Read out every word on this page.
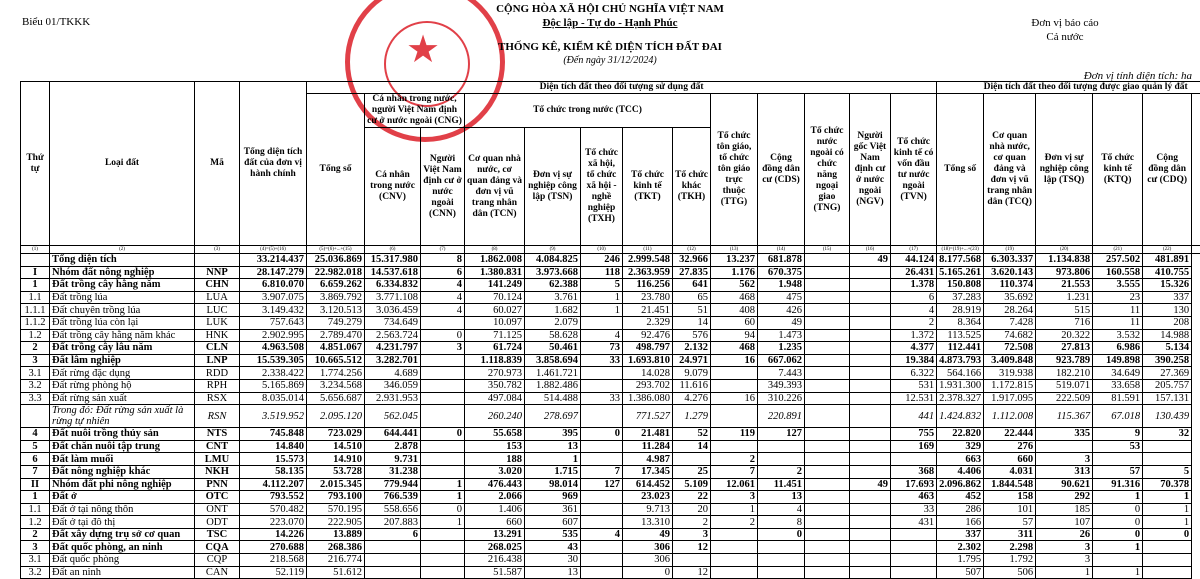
Biểu 01/TKKK
★
CỘNG HÒA XÃ HỘI CHỦ NGHĨA VIỆT NAM
Độc lập - Tự do - Hạnh Phúc
THỐNG KÊ, KIỂM KÊ DIỆN TÍCH ĐẤT ĐAI
(Đến ngày 31/12/2024)
Đơn vị báo cáo
Cả nước
Đơn vị tính diện tích: ha
Thứ tự	Loại đất	Mã	Tổng diện tích đất của đơn vị hành chính	Diện tích đất theo đối tượng sử dụng đất													Diện tích đất theo đối tượng được giao quản lý đất					
				Tổng số	Cá nhân trong nước, người Việt Nam định cư ở nước ngoài (CNG)		Tổ chức trong nước (TCC)					Tổ chức tôn giáo, tổ chức tôn giáo trực thuộc (TTG)	Cộng đồng dân cư (CDS)	Tổ chức nước ngoài có chức năng ngoại giao (TNG)	Người gốc Việt Nam định cư ở nước ngoài (NGV)	Tổ chức kinh tế có vốn đầu tư nước ngoài (TVN)	Tổng số	Cơ quan nhà nước, cơ quan đảng và đơn vị vũ trang nhân dân (TCQ)	Đơn vị sự nghiệp công lập (TSQ)	Tổ chức kinh tế (KTQ)	Cộng đồng dân cư (CDQ)	
					Cá nhân trong nước (CNV)	Người Việt Nam định cư ở nước ngoài (CNN)	Cơ quan nhà nước, cơ quan đảng và đơn vị vũ trang nhân dân (TCN)	Đơn vị sự nghiệp công lập (TSN)	Tổ chức xã hội, tổ chức xã hội - nghề nghiệp (TXH)	Tổ chức kinh tế (TKT)	Tổ chức khác (TKH)											
(1)	(2)	(3)	(4)=(5)+(16)	(5)=(6)+...+(15)	(6)	(7)	(8)	(9)	(10)	(11)	(12)	(13)	(14)	(15)	(16)	(17)	(18)=(19)+...+(23)	(19)	(20)	(21)	(22)	
	Tổng diện tích		33.214.437	25.036.869	15.317.980	8	1.862.008	4.084.825	246	2.999.548	32.966	13.237	681.878		49	44.124	8.177.568	6.303.337	1.134.838	257.502	481.891	
I	Nhóm đất nông nghiệp	NNP	28.147.279	22.982.018	14.537.618	6	1.380.831	3.973.668	118	2.363.959	27.835	1.176	670.375			26.431	5.165.261	3.620.143	973.806	160.558	410.755	
1	Đất trồng cây hằng năm	CHN	6.810.070	6.659.262	6.334.832	4	141.249	62.388	5	116.256	641	562	1.948			1.378	150.808	110.374	21.553	3.555	15.326	
1.1	Đất trồng lúa	LUA	3.907.075	3.869.792	3.771.108	4	70.124	3.761	1	23.780	65	468	475			6	37.283	35.692	1.231	23	337	
1.1.1	Đất chuyên trồng lúa	LUC	3.149.432	3.120.513	3.036.459	4	60.027	1.682	1	21.451	51	408	426			4	28.919	28.264	515	11	130	
1.1.2	Đất trồng lúa còn lại	LUK	757.643	749.279	734.649		10.097	2.079		2.329	14	60	49			2	8.364	7.428	716	11	208	
1.2	Đất trồng cây hằng năm khác	HNK	2.902.995	2.789.470	2.563.724	0	71.125	58.628	4	92.476	576	94	1.473			1.372	113.525	74.682	20.322	3.532	14.988	
2	Đất trồng cây lâu năm	CLN	4.963.508	4.851.067	4.231.797	3	61.724	50.461	73	498.797	2.132	468	1.235			4.377	112.441	72.508	27.813	6.986	5.134	
3	Đất lâm nghiệp	LNP	15.539.305	10.665.512	3.282.701		1.118.839	3.858.694	33	1.693.810	24.971	16	667.062			19.384	4.873.793	3.409.848	923.789	149.898	390.258	
3.1	Đất rừng đặc dụng	RDD	2.338.422	1.774.256	4.689		270.973	1.461.721		14.028	9.079		7.443			6.322	564.166	319.938	182.210	34.649	27.369	
3.2	Đất rừng phòng hộ	RPH	5.165.869	3.234.568	346.059		350.782	1.882.486		293.702	11.616		349.393			531	1.931.300	1.172.815	519.071	33.658	205.757	
3.3	Đất rừng sản xuất	RSX	8.035.014	5.656.687	2.931.953		497.084	514.488	33	1.386.080	4.276	16	310.226			12.531	2.378.327	1.917.095	222.509	81.591	157.131	
	Trong đó: Đất rừng sản xuất là rừng tự nhiên	RSN	3.519.952	2.095.120	562.045		260.240	278.697		771.527	1.279		220.891			441	1.424.832	1.112.008	115.367	67.018	130.439	
4	Đất nuôi trồng thủy sản	NTS	745.848	723.029	644.441	0	55.658	395	0	21.481	52	119	127			755	22.820	22.444	335	9	32	
5	Đất chăn nuôi tập trung	CNT	14.840	14.510	2.878		153	13		11.284	14					169	329	276		53		
6	Đất làm muối	LMU	15.573	14.910	9.731		188	1		4.987		2					663	660	3			
7	Đất nông nghiệp khác	NKH	58.135	53.728	31.238		3.020	1.715	7	17.345	25	7	2			368	4.406	4.031	313	57	5	
II	Nhóm đất phi nông nghiệp	PNN	4.112.207	2.015.345	779.944	1	476.443	98.014	127	614.452	5.109	12.061	11.451		49	17.693	2.096.862	1.844.548	90.621	91.316	70.378	
1	Đất ở	OTC	793.552	793.100	766.539	1	2.066	969		23.023	22	3	13			463	452	158	292	1	1	
1.1	Đất ở tại nông thôn	ONT	570.482	570.195	558.656	0	1.406	361		9.713	20	1	4			33	286	101	185	0	1	
1.2	Đất ở tại đô thị	ODT	223.070	222.905	207.883	1	660	607		13.310	2	2	8			431	166	57	107	0	1	
2	Đất xây dựng trụ sở cơ quan	TSC	14.226	13.889	6		13.291	535	4	49	3		0				337	311	26	0	0	
3	Đất quốc phòng, an ninh	CQA	270.688	268.386			268.025	43		306	12						2.302	2.298	3	1		
3.1	Đất quốc phòng	CQP	218.568	216.774			216.438	30		306							1.795	1.792	3			
3.2	Đất an ninh	CAN	52.119	51.612			51.587	13		0	12						507	506	1	1		
